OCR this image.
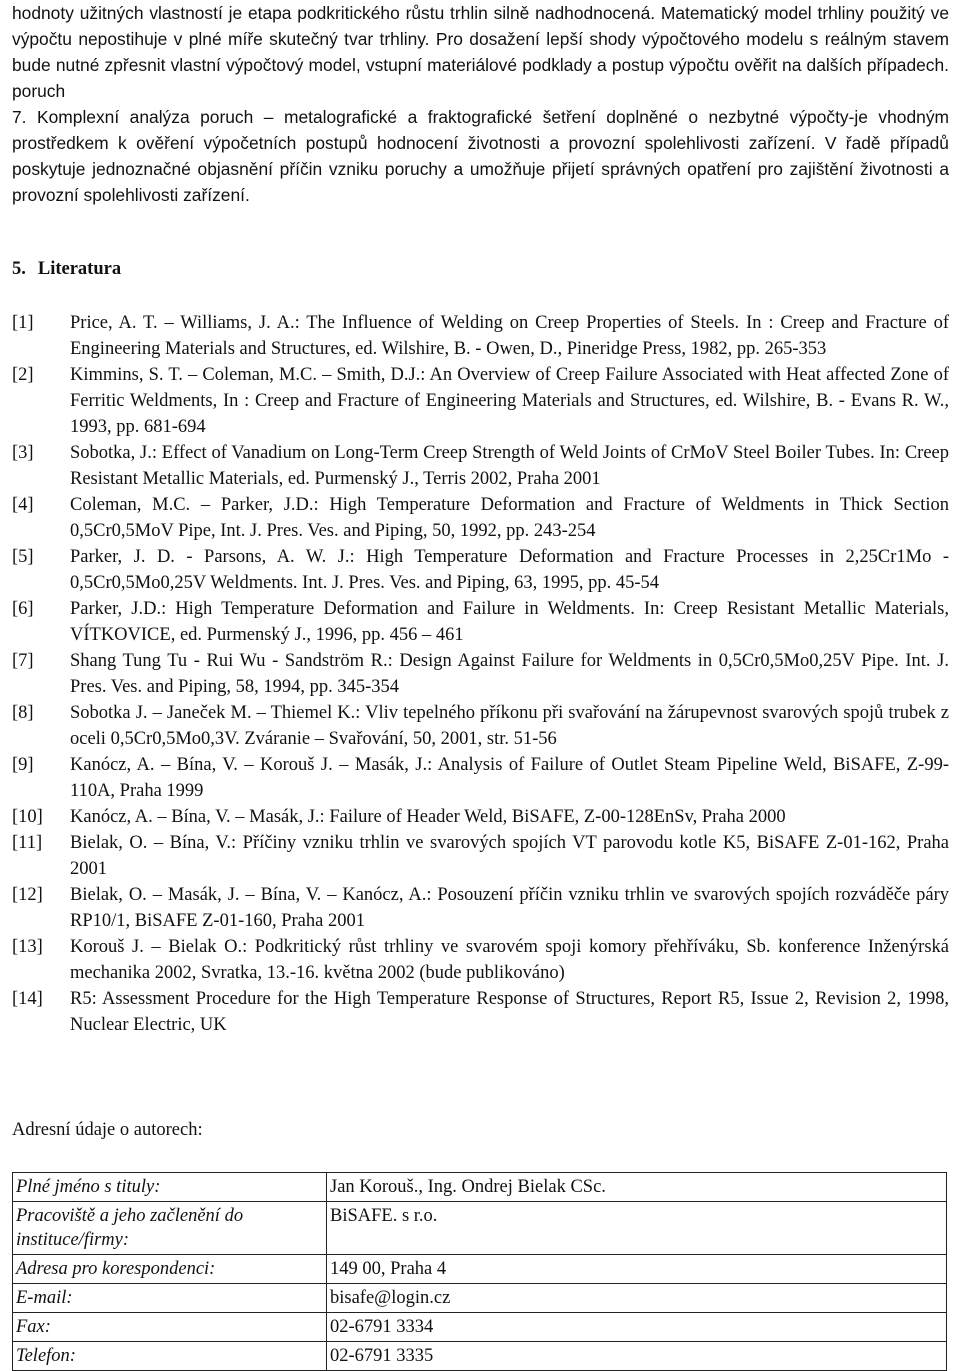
hodnoty užitných vlastností je etapa podkritického růstu trhlin silně nadhodnocená. Matematický model trhliny použitý ve výpočtu nepostihuje v plné míře skutečný tvar trhliny. Pro dosažení lepší shody výpočtového modelu s reálným stavem bude nutné zpřesnit vlastní výpočtový model, vstupní materiálové podklady a postup výpočtu ověřit na dalších případech. poruch

7. Komplexní analýza poruch – metalografické a fraktografické šetření doplněné o nezbytné výpočty-je vhodným prostředkem k ověření výpočetních postupů hodnocení životnosti a provozní spolehlivosti zařízení. V řadě případů poskytuje jednoznačné objasnění příčin vzniku poruchy a umožňuje přijetí správných opatření pro zajištění životnosti a provozní spolehlivosti zařízení.

5. Literatura
[1]	Price, A. T. – Williams, J. A.: The Influence of Welding on Creep Properties of Steels. In : Creep and Fracture of Engineering Materials and Structures, ed. Wilshire, B. - Owen, D., Pineridge Press, 1982, pp. 265-353
[2]	Kimmins, S. T. – Coleman, M.C. – Smith, D.J.: An Overview of Creep Failure Associated with Heat affected Zone of Ferritic Weldments, In : Creep and Fracture of Engineering Materials and Structures, ed. Wilshire, B. - Evans R. W., 1993, pp. 681-694
[3]	Sobotka, J.: Effect of Vanadium on Long-Term Creep Strength of Weld Joints of CrMoV Steel Boiler Tubes. In: Creep Resistant Metallic Materials, ed. Purmenský J., Terris 2002, Praha 2001
[4]	Coleman, M.C. – Parker, J.D.: High Temperature Deformation and Fracture of Weldments in Thick Section 0,5Cr0,5MoV Pipe, Int. J. Pres. Ves. and Piping, 50, 1992, pp. 243-254
[5]	Parker, J. D. - Parsons, A. W. J.: High Temperature Deformation and Fracture Processes in 2,25Cr1Mo - 0,5Cr0,5Mo0,25V Weldments. Int. J. Pres. Ves. and Piping, 63, 1995, pp. 45-54
[6]	Parker, J.D.: High Temperature Deformation and Failure in Weldments. In: Creep Resistant Metallic Materials, VÍTKOVICE, ed. Purmenský J., 1996, pp. 456 – 461
[7]	Shang Tung Tu - Rui Wu - Sandström R.: Design Against Failure for Weldments in 0,5Cr0,5Mo0,25V Pipe. Int. J. Pres. Ves. and Piping, 58, 1994, pp. 345-354
[8]	Sobotka J. – Janeček M. – Thiemel K.: Vliv tepelného příkonu při svařování na žárupevnost svarových spojů trubek z oceli 0,5Cr0,5Mo0,3V. Zváranie – Svařování, 50, 2001, str. 51-56
[9]	Kanócz, A. – Bína, V. – Korouš J. – Masák, J.: Analysis of Failure of Outlet Steam Pipeline Weld, BiSAFE, Z-99-110A, Praha 1999
[10]	Kanócz, A. – Bína, V. – Masák, J.: Failure of Header Weld, BiSAFE, Z-00-128EnSv, Praha 2000
[11]	Bielak, O. – Bína, V.: Příčiny vzniku trhlin ve svarových spojích VT parovodu kotle K5, BiSAFE Z-01-162, Praha 2001
[12]	Bielak, O. – Masák, J. – Bína, V. – Kanócz, A.: Posouzení příčin vzniku trhlin ve svarových spojích rozváděče páry RP10/1, BiSAFE Z-01-160, Praha 2001
[13]	Korouš J. – Bielak O.: Podkritický růst trhliny ve svarovém spoji komory přehříváku, Sb. konference Inženýrská mechanika 2002, Svratka, 13.-16. května 2002 (bude publikováno)
[14]	R5: Assessment Procedure for the High Temperature Response of Structures, Report R5, Issue 2, Revision 2, 1998, Nuclear Electric, UK
Adresní údaje o autorech:
Plné jméno s tituly:	Jan Korouš., Ing. Ondrej Bielak CSc.
Pracoviště a jeho začlenění do instituce/firmy:	BiSAFE. s r.o.
Adresa pro korespondenci:	149 00, Praha 4
E-mail:	bisafe@login.cz
Fax:	02-6791 3334
Telefon:	02-6791 3335
